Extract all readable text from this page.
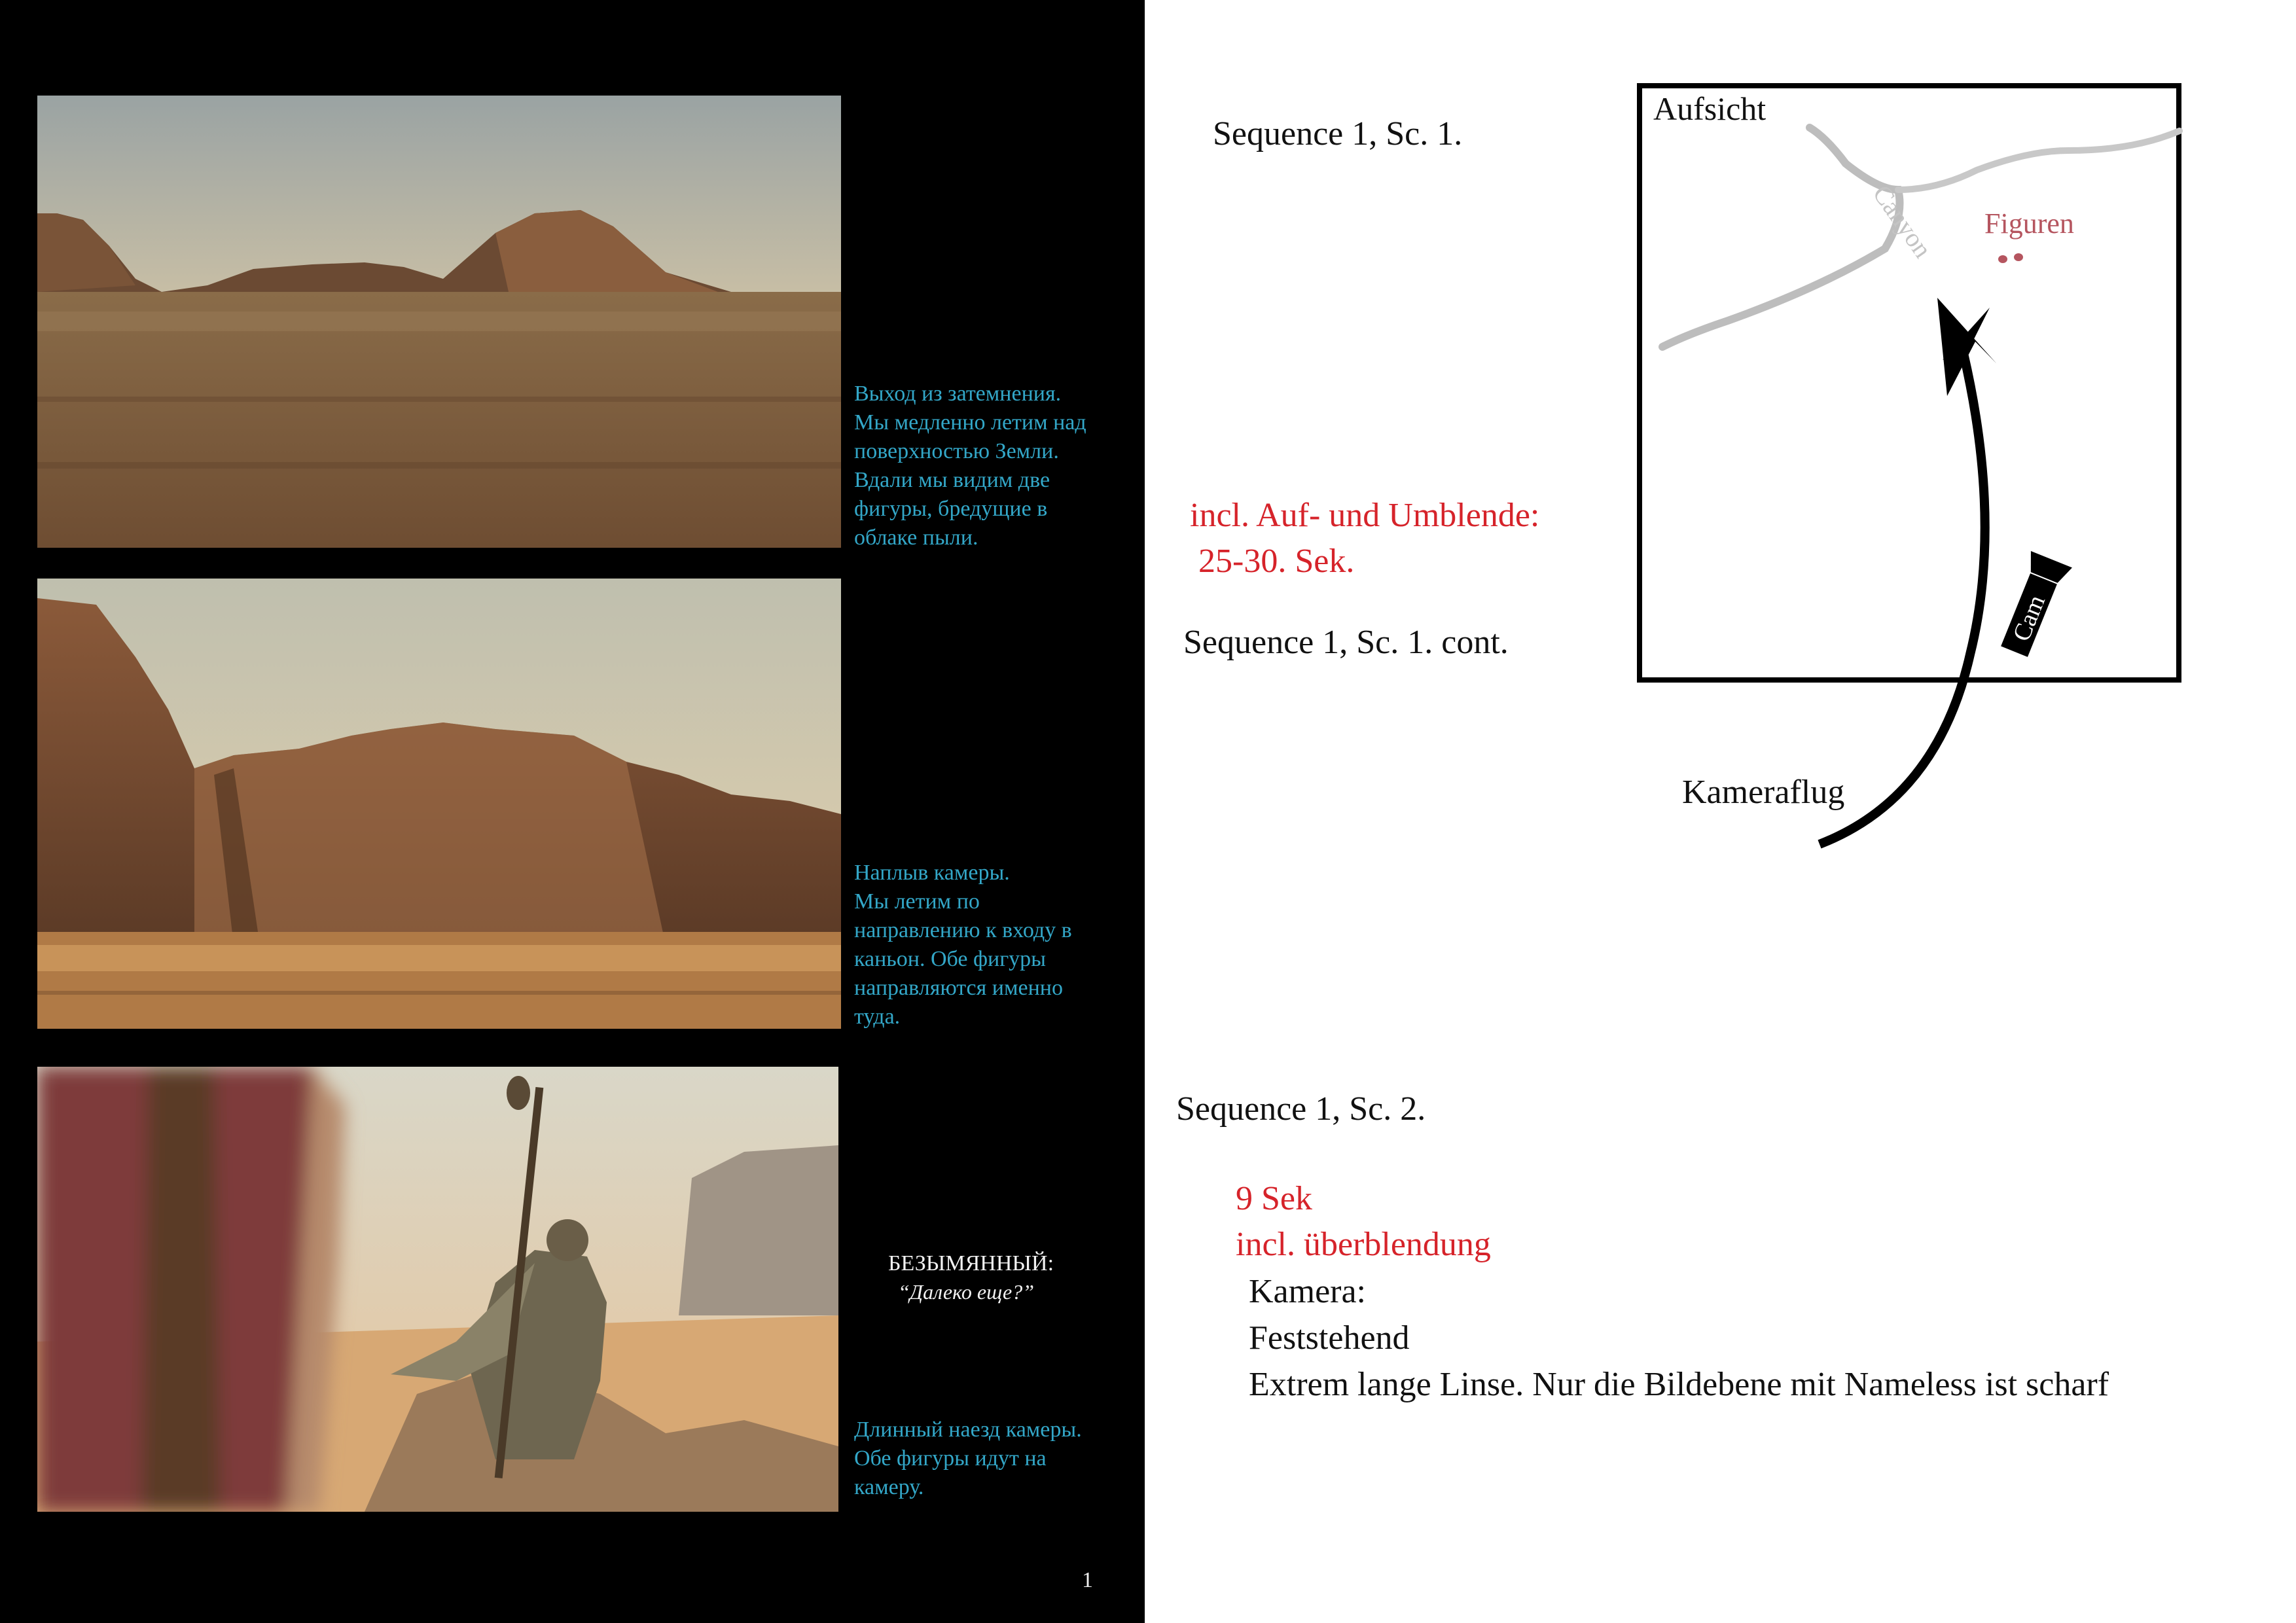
Выход из затемнения.
Мы медленно летим над
поверхностью Земли.
Вдали мы видим две
фигуры, бредущие в
облаке пыли.
Наплыв камеры.
Мы летим по
направлению к входу в
каньон. Обе фигуры
направляются именно
туда.
БЕЗЫМЯННЫЙ:
“Далеко еще?”
Длинный наезд камеры.
Обе фигуры идут на
камеру.
1
Sequence 1, Sc. 1.
incl. Auf- und Umblende:
25-30. Sek.
Sequence 1, Sc. 1. cont.
Sequence 1, Sc. 2.
9 Sek
incl. überblendung
Kamera:
Feststehend
Extrem lange Linse. Nur die Bildebene mit Nameless ist scharf
Aufsicht
Canyon Figuren
Cam
Kameraflug
